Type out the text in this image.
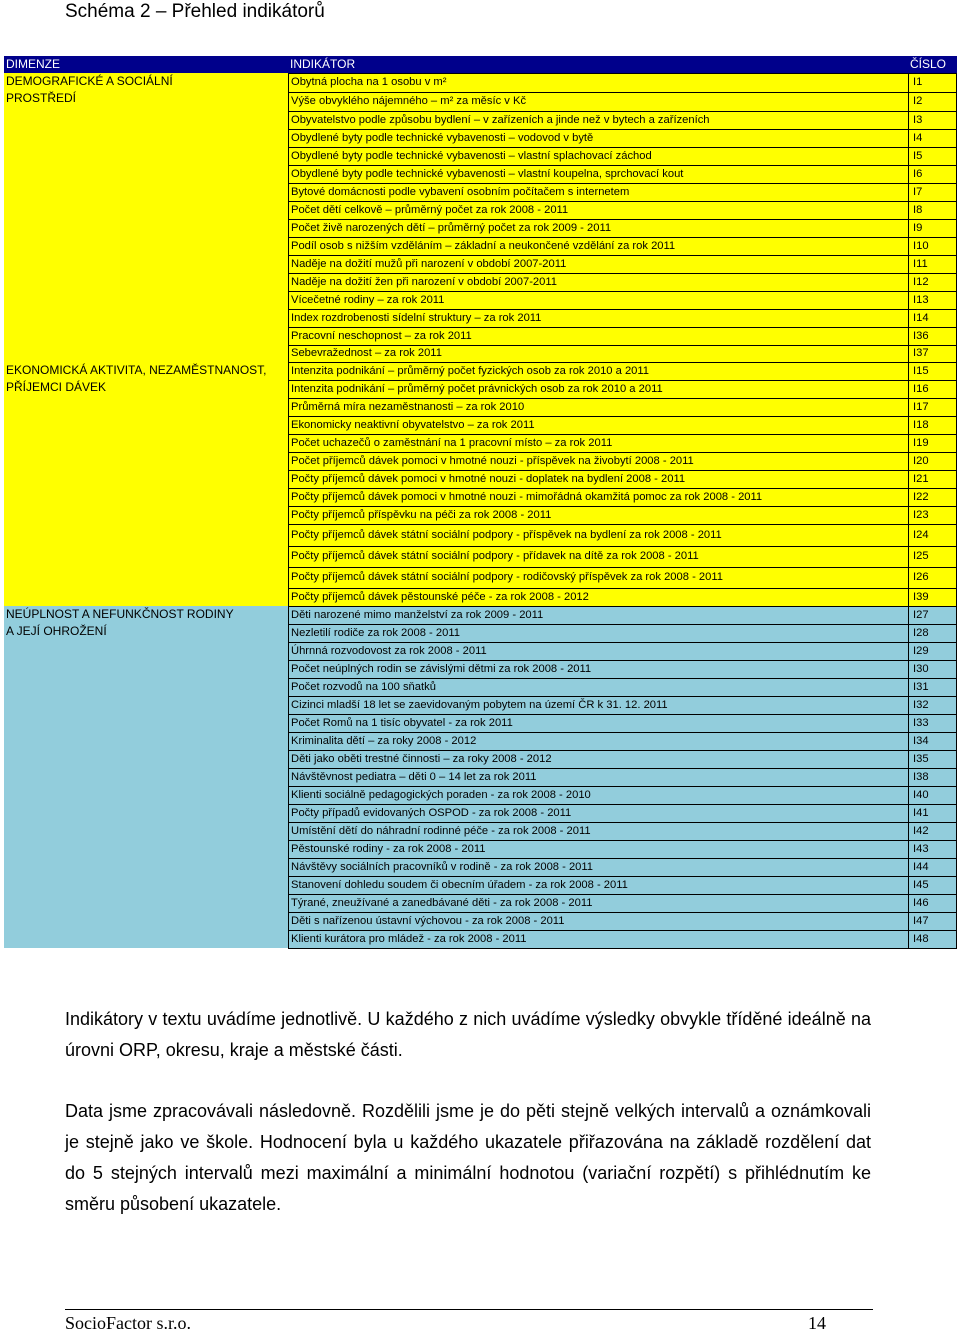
Schéma 2 – Přehled indikátorů
DIMENZE	INDIKÁTOR	ČÍSLO
DEMOGRAFICKÉ A SOCIÁLNÍ
PROSTŘEDÍ
Obytná plocha na 1 osobu v m²	I1
Výše obvyklého nájemného – m² za měsíc v Kč	I2
Obyvatelstvo podle způsobu bydlení – v zařízeních a jinde než v bytech a zařízeních	I3
Obydlené byty podle technické vybavenosti – vodovod v bytě	I4
Obydlené byty podle technické vybavenosti – vlastní splachovací záchod	I5
Obydlené byty podle technické vybavenosti – vlastní koupelna, sprchovací kout	I6
Bytové domácnosti podle vybavení osobním počítačem s internetem	I7
Počet dětí celkově – průměrný počet za rok 2008 - 2011	I8
Počet živě narozených dětí – průměrný počet za rok 2009 - 2011	I9
Podíl osob s nižším vzděláním – základní a neukončené vzdělání za rok 2011	I10
Naděje na dožití mužů při narození v období 2007-2011	I11
Naděje na dožití žen při narození v období 2007-2011	I12
Vícečetné rodiny – za rok 2011	I13
Index rozdrobenosti sídelní struktury – za rok 2011	I14
Pracovní neschopnost – za rok 2011	I36
Sebevražednost – za rok 2011	I37
EKONOMICKÁ AKTIVITA, NEZAMĚSTNANOST,
PŘÍJEMCI DÁVEK
Intenzita podnikání – průměrný počet fyzických osob za rok 2010 a 2011	I15
Intenzita podnikání – průměrný počet právnických osob za rok 2010 a 2011	I16
Průměrná míra nezaměstnanosti – za rok 2010	I17
Ekonomicky neaktivní obyvatelstvo – za rok 2011	I18
Počet uchazečů o zaměstnání na 1 pracovní místo – za rok 2011	I19
Počet příjemců dávek pomoci v hmotné nouzi - příspěvek na živobytí 2008 - 2011	I20
Počty příjemců dávek pomoci v hmotné nouzi - doplatek na bydlení 2008 - 2011	I21
Počty příjemců dávek pomoci v hmotné nouzi - mimořádná okamžitá pomoc za rok 2008 - 2011	I22
Počty příjemců příspěvku na péči za rok 2008 - 2011	I23
Počty příjemců dávek státní sociální podpory - příspěvek na bydlení za rok 2008 - 2011	I24
Počty příjemců dávek státní sociální podpory - přídavek na dítě za rok 2008 - 2011	I25
Počty příjemců dávek státní sociální podpory - rodičovský příspěvek za rok 2008 - 2011	I26
Počty příjemců dávek pěstounské péče - za rok 2008 - 2012	I39
NEÚPLNOST A NEFUNKČNOST RODINY
A JEJÍ OHROŽENÍ
Děti narozené mimo manželství za rok 2009 - 2011	I27
Nezletilí rodiče za rok 2008 - 2011	I28
Úhrnná rozvodovost za rok 2008 - 2011	I29
Počet neúplných rodin se závislými dětmi za rok 2008 - 2011	I30
Počet rozvodů na 100 sňatků	I31
Cizinci mladší 18 let se zaevidovaným pobytem na území ČR k 31. 12. 2011	I32
Počet Romů na 1 tisíc obyvatel - za rok 2011	I33
Kriminalita dětí – za roky 2008 - 2012	I34
Děti jako oběti trestné činnosti – za roky 2008 - 2012	I35
Návštěvnost pediatra – děti 0 – 14 let za rok 2011	I38
Klienti sociálně pedagogických poraden - za rok 2008 - 2010	I40
Počty případů evidovaných OSPOD - za rok 2008 - 2011	I41
Umístění dětí do náhradní rodinné péče - za rok 2008 - 2011	I42
Pěstounské rodiny - za rok 2008 - 2011	I43
Návštěvy sociálních pracovníků v rodině - za rok 2008 - 2011	I44
Stanovení dohledu soudem či obecním úřadem - za rok 2008 - 2011	I45
Týrané, zneužívané a zanedbávané děti - za rok 2008 - 2011	I46
Děti s nařízenou ústavní výchovou - za rok 2008 - 2011	I47
Klienti kurátora pro mládež - za rok 2008 - 2011	I48
Indikátory v textu uvádíme jednotlivě. U každého z nich uvádíme výsledky obvykle tříděné ideálně na úrovni ORP, okresu, kraje a městské části.
Data jsme zpracovávali následovně. Rozdělili jsme je do pěti stejně velkých intervalů a oznámkovali je stejně jako ve škole. Hodnocení byla u každého ukazatele přiřazována na základě rozdělení dat do 5 stejných intervalů mezi maximální a minimální hodnotou (variační rozpětí) s přihlédnutím ke směru působení ukazatele.
SocioFactor s.r.o.	14
